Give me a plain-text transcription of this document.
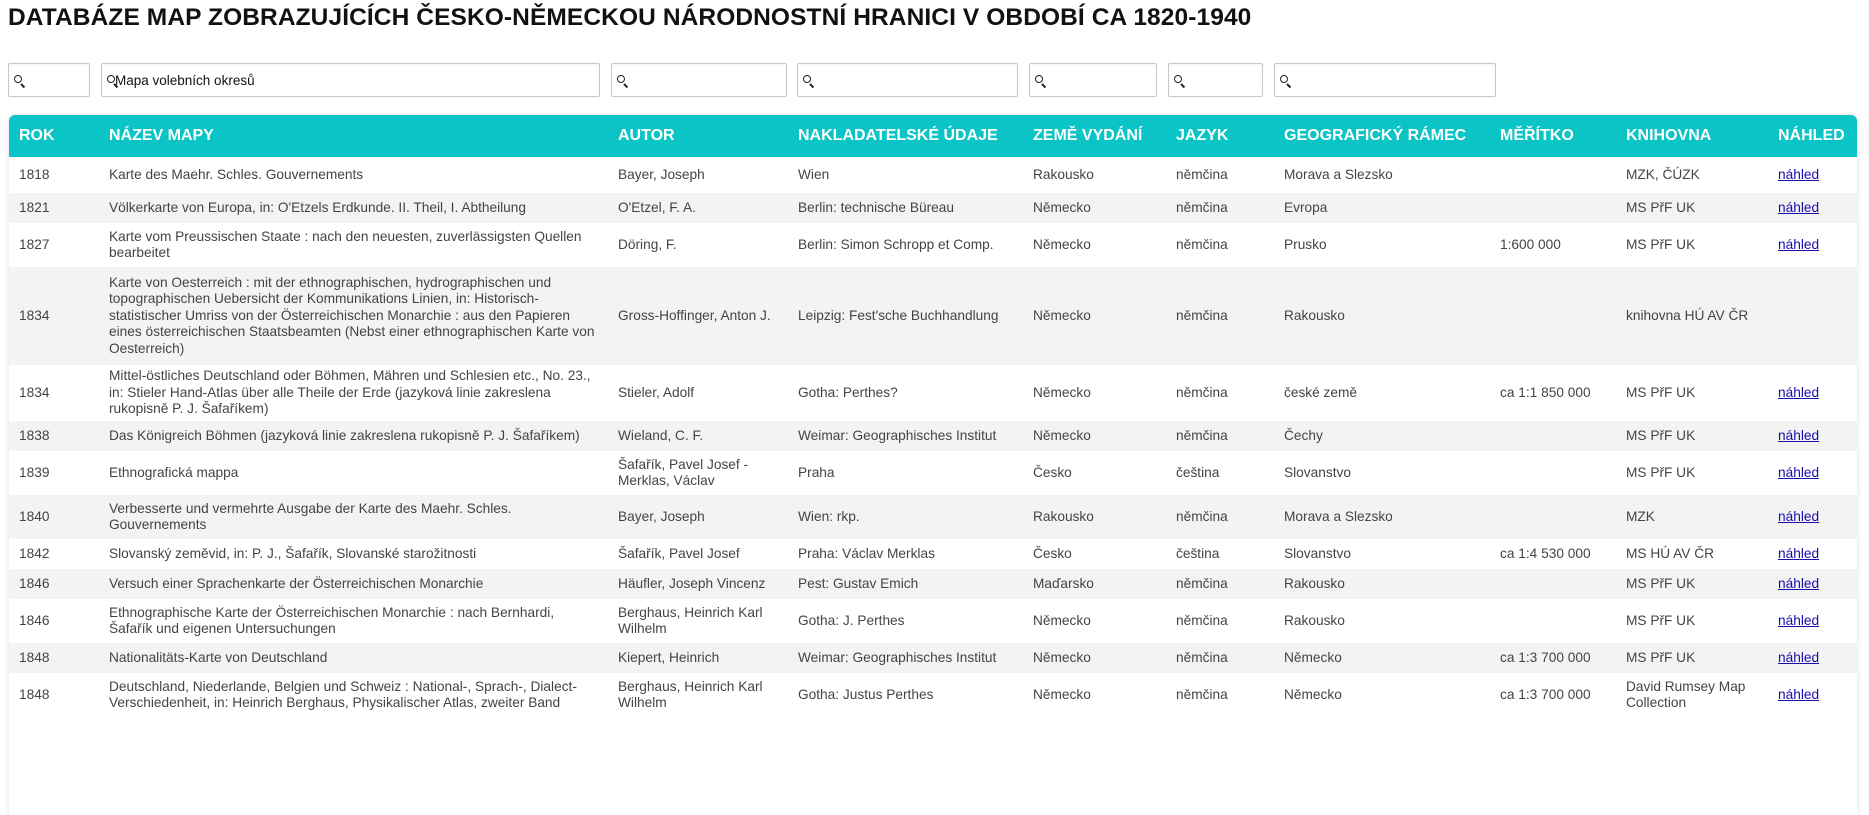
DATABÁZE MAP ZOBRAZUJÍCÍCH ČESKO-NĚMECKOU NÁRODNOSTNÍ HRANICI V OBDOBÍ CA 1820-1940
Mapa volebních okresů
ROK	NÁZEV MAPY	AUTOR	NAKLADATELSKÉ ÚDAJE	ZEMĚ VYDÁNÍ	JAZYK	GEOGRAFICKÝ RÁMEC	MĚŘÍTKO	KNIHOVNA	NÁHLED
1818	Karte des Maehr. Schles. Gouvernements	Bayer, Joseph	Wien	Rakousko	němčina	Morava a Slezsko		MZK, ČÚZK	náhled
1821	Völkerkarte von Europa, in: O'Etzels Erdkunde. II. Theil, I. Abtheilung	O'Etzel, F. A.	Berlin: technische Büreau	Německo	němčina	Evropa		MS PřF UK	náhled
1827	Karte vom Preussischen Staate : nach den neuesten, zuverlässigsten Quellen bearbeitet	Döring, F.	Berlin: Simon Schropp et Comp.	Německo	němčina	Prusko	1:600 000	MS PřF UK	náhled
1834	Karte von Oesterreich : mit der ethnographischen, hydrographischen und topographischen Uebersicht der Kommunikations Linien, in: Historisch-statistischer Umriss von der Österreichischen Monarchie : aus den Papieren eines österreichischen Staatsbeamten (Nebst einer ethnographischen Karte von Oesterreich)	Gross-Hoffinger, Anton J.	Leipzig: Fest'sche Buchhandlung	Německo	němčina	Rakousko		knihovna HÚ AV ČR	
1834	Mittel-östliches Deutschland oder Böhmen, Mähren und Schlesien etc., No. 23., in: Stieler Hand-Atlas über alle Theile der Erde (jazyková linie zakreslena rukopisně P. J. Šafaříkem)	Stieler, Adolf	Gotha: Perthes?	Německo	němčina	české země	ca 1:1 850 000	MS PřF UK	náhled
1838	Das Königreich Böhmen (jazyková linie zakreslena rukopisně P. J. Šafaříkem)	Wieland, C. F.	Weimar: Geographisches Institut	Německo	němčina	Čechy		MS PřF UK	náhled
1839	Ethnografická mappa	Šafařík, Pavel Josef - Merklas, Václav	Praha	Česko	čeština	Slovanstvo		MS PřF UK	náhled
1840	Verbesserte und vermehrte Ausgabe der Karte des Maehr. Schles. Gouvernements	Bayer, Joseph	Wien: rkp.	Rakousko	němčina	Morava a Slezsko		MZK	náhled
1842	Slovanský zeměvid, in: P. J., Šafařík, Slovanské starožitnosti	Šafařík, Pavel Josef	Praha: Václav Merklas	Česko	čeština	Slovanstvo	ca 1:4 530 000	MS HÚ AV ČR	náhled
1846	Versuch einer Sprachenkarte der Österreichischen Monarchie	Häufler, Joseph Vincenz	Pest: Gustav Emich	Maďarsko	němčina	Rakousko		MS PřF UK	náhled
1846	Ethnographische Karte der Österreichischen Monarchie : nach Bernhardi, Šafařík und eigenen Untersuchungen	Berghaus, Heinrich Karl Wilhelm	Gotha: J. Perthes	Německo	němčina	Rakousko		MS PřF UK	náhled
1848	Nationalitäts-Karte von Deutschland	Kiepert, Heinrich	Weimar: Geographisches Institut	Německo	němčina	Německo	ca 1:3 700 000	MS PřF UK	náhled
1848	Deutschland, Niederlande, Belgien und Schweiz : National-, Sprach-, Dialect-Verschiedenheit, in: Heinrich Berghaus, Physikalischer Atlas, zweiter Band	Berghaus, Heinrich Karl Wilhelm	Gotha: Justus Perthes	Německo	němčina	Německo	ca 1:3 700 000	David Rumsey Map Collection	náhled
